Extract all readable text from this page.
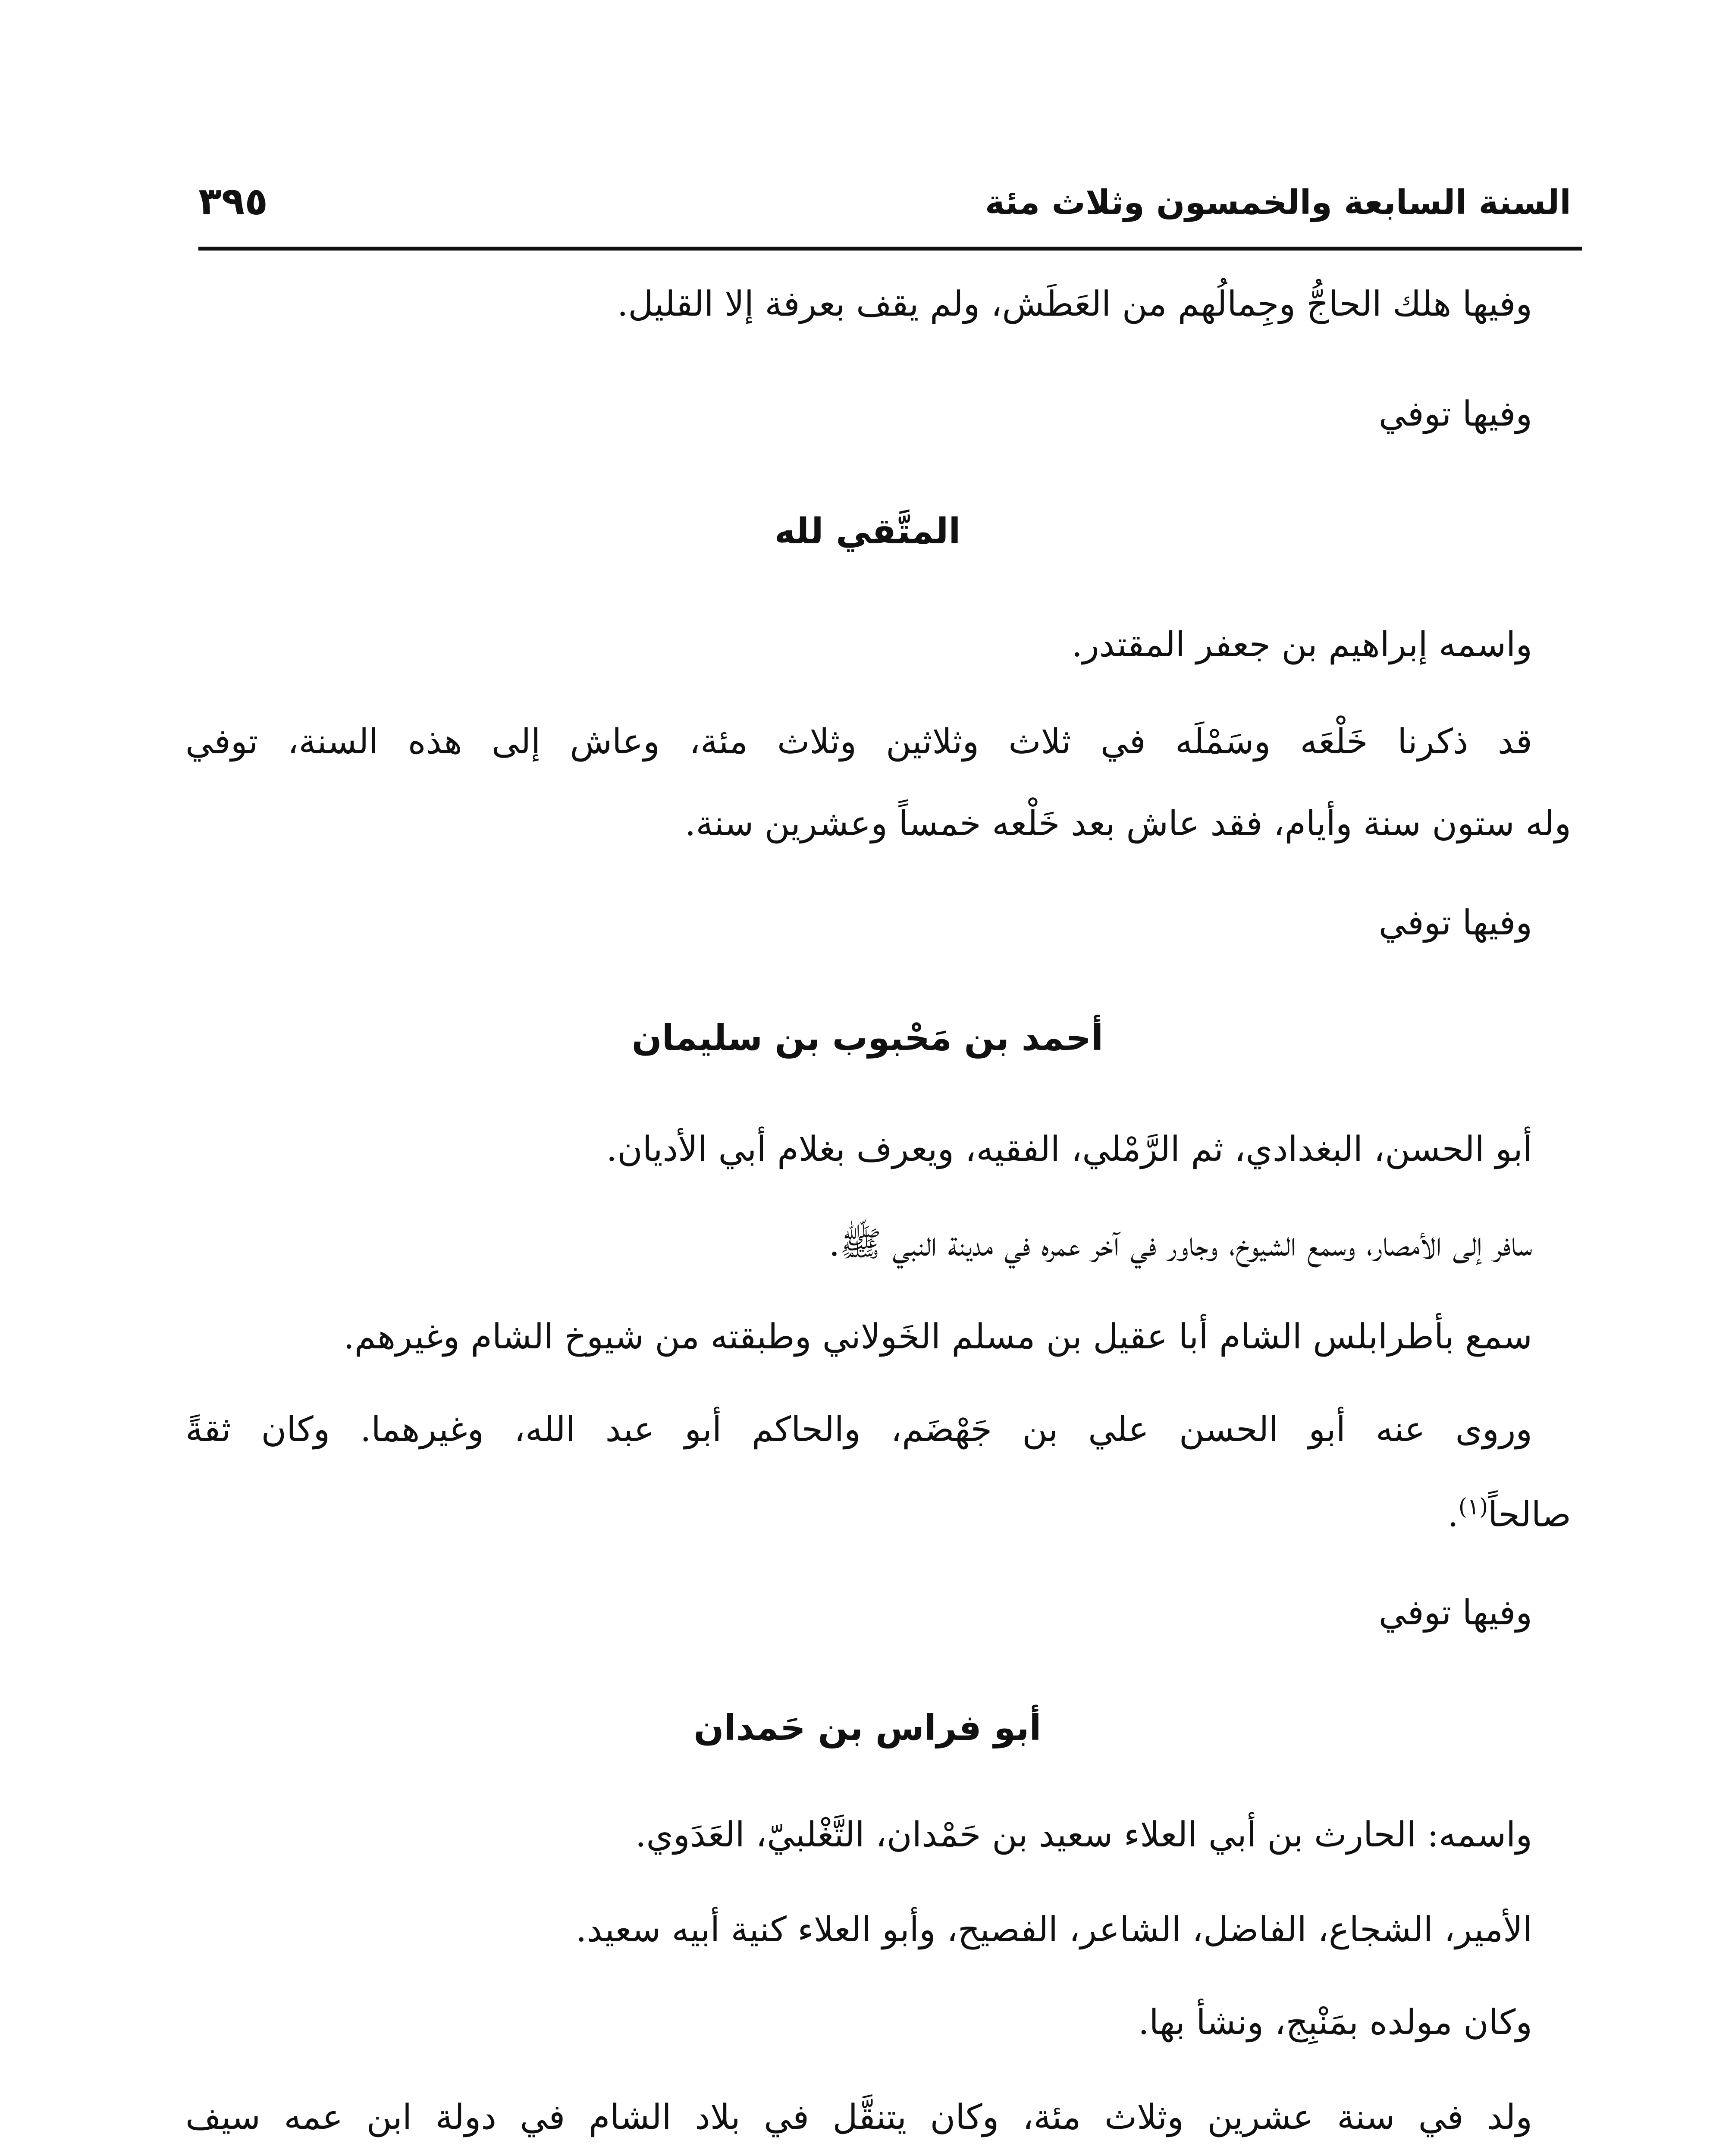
السنة السابعة والخمسون وثلاث مئة
٣٩٥
وفيها هلك الحاجُّ وجِمالُهم من العَطَش، ولم يقف بعرفة إلا القليل.
وفيها توفي
المتَّقي لله
واسمه إبراهيم بن جعفر المقتدر.
قد ذكرنا خَلْعَه وسَمْلَه في ثلاث وثلاثين وثلاث مئة، وعاش إلى هذه السنة، توفي
وله ستون سنة وأيام، فقد عاش بعد خَلْعه خمساً وعشرين سنة.
وفيها توفي
أحمد بن مَحْبوب بن سليمان
أبو الحسن، البغدادي، ثم الرَّمْلي، الفقيه، ويعرف بغلام أبي الأديان.
سافر إلى الأمصار، وسمع الشيوخ، وجاور في آخر عمره في مدينة النبي ﷺ.
سمع بأطرابلس الشام أبا عقيل بن مسلم الخَولاني وطبقته من شيوخ الشام وغيرهم.
وروى عنه أبو الحسن علي بن جَهْضَم، والحاكم أبو عبد الله، وغيرهما. وكان ثقةً
صالحاً$^{(١)}$.
وفيها توفي
أبو فراس بن حَمدان
واسمه: الحارث بن أبي العلاء سعيد بن حَمْدان، التَّغْلبيّ، العَدَوي.
الأمير، الشجاع، الفاضل، الشاعر، الفصيح، وأبو العلاء كنية أبيه سعيد.
وكان مولده بمَنْبِج، ونشأ بها.
ولد في سنة عشرين وثلاث مئة، وكان يتنقَّل في بلاد الشام في دولة ابن عمه سيف
